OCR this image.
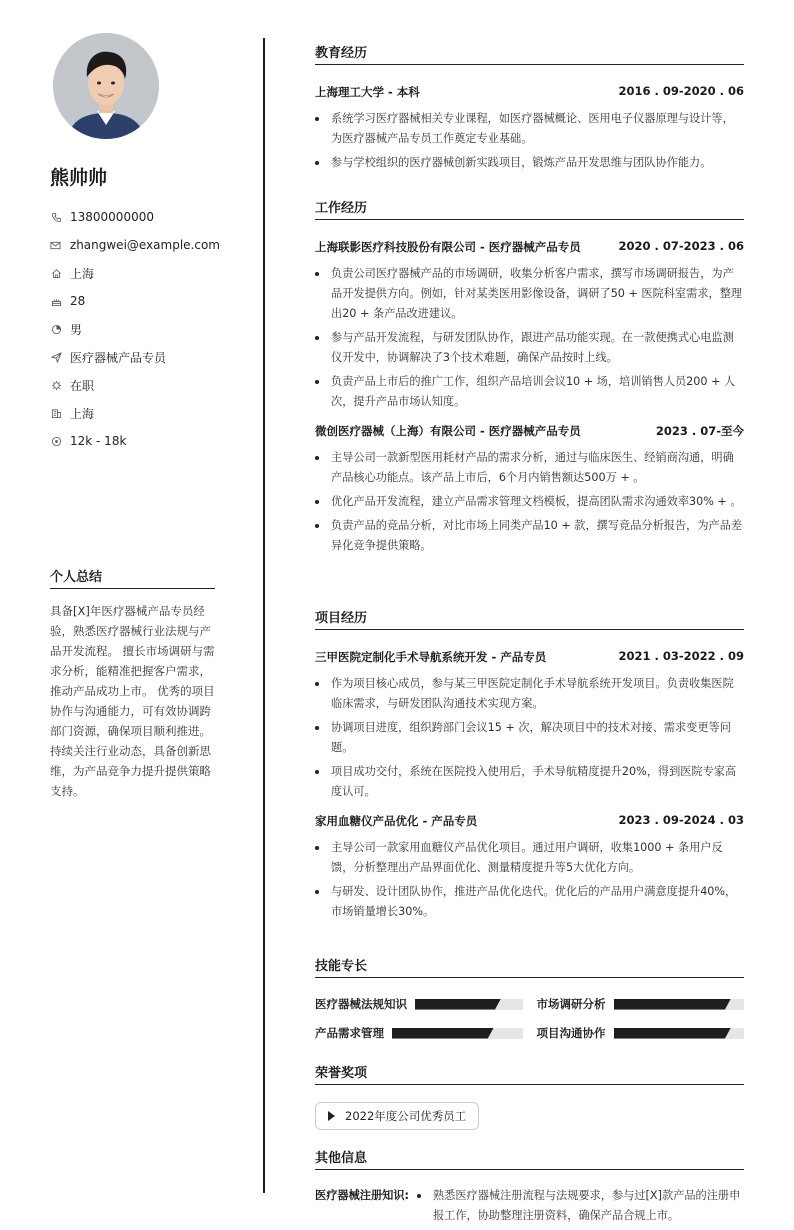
熊帅帅
13800000000
zhangwei@example.com
上海
28
男
医疗器械产品专员
在职
上海
12k - 18k
个人总结
具备[X]年医疗器械产品专员经验，熟悉医疗器械行业法规与产品开发流程。 擅长市场调研与需求分析，能精准把握客户需求，推动产品成功上市。 优秀的项目协作与沟通能力，可有效协调跨部门资源，确保项目顺利推进。 持续关注行业动态，具备创新思维，为产品竞争力提升提供策略支持。
教育经历
上海理工大学 - 本科	2016 . 09-2020 . 06
系统学习医疗器械相关专业课程，如医疗器械概论、医用电子仪器原理与设计等，为医疗器械产品专员工作奠定专业基础。
参与学校组织的医疗器械创新实践项目，锻炼产品开发思维与团队协作能力。
工作经历
上海联影医疗科技股份有限公司 - 医疗器械产品专员	2020 . 07-2023 . 06
负责公司医疗器械产品的市场调研，收集分析客户需求，撰写市场调研报告，为产品开发提供方向。例如，针对某类医用影像设备，调研了50 + 医院科室需求，整理出20 + 条产品改进建议。
参与产品开发流程，与研发团队协作，跟进产品功能实现。在一款便携式心电监测仪开发中，协调解决了3个技术难题，确保产品按时上线。
负责产品上市后的推广工作，组织产品培训会议10 + 场，培训销售人员200 + 人次，提升产品市场认知度。
微创医疗器械（上海）有限公司 - 医疗器械产品专员	2023 . 07-至今
主导公司一款新型医用耗材产品的需求分析，通过与临床医生、经销商沟通，明确产品核心功能点。该产品上市后，6个月内销售额达500万 + 。
优化产品开发流程，建立产品需求管理文档模板，提高团队需求沟通效率30% + 。
负责产品的竞品分析，对比市场上同类产品10 + 款，撰写竞品分析报告，为产品差异化竞争提供策略。
项目经历
三甲医院定制化手术导航系统开发 - 产品专员	2021 . 03-2022 . 09
作为项目核心成员，参与某三甲医院定制化手术导航系统开发项目。负责收集医院临床需求，与研发团队沟通技术实现方案。
协调项目进度，组织跨部门会议15 + 次，解决项目中的技术对接、需求变更等问题。
项目成功交付，系统在医院投入使用后，手术导航精度提升20%，得到医院专家高度认可。
家用血糖仪产品优化 - 产品专员	2023 . 09-2024 . 03
主导公司一款家用血糖仪产品优化项目。通过用户调研，收集1000 + 条用户反馈，分析整理出产品界面优化、测量精度提升等5大优化方向。
与研发、设计团队协作，推进产品优化迭代。优化后的产品用户满意度提升40%，市场销量增长30%。
技能专长
医疗器械法规知识	市场调研分析
产品需求管理	项目沟通协作
荣誉奖项
2022年度公司优秀员工
其他信息
医疗器械注册知识:	熟悉医疗器械注册流程与法规要求，参与过[X]款产品的注册申报工作，协助整理注册资料，确保产品合规上市。
